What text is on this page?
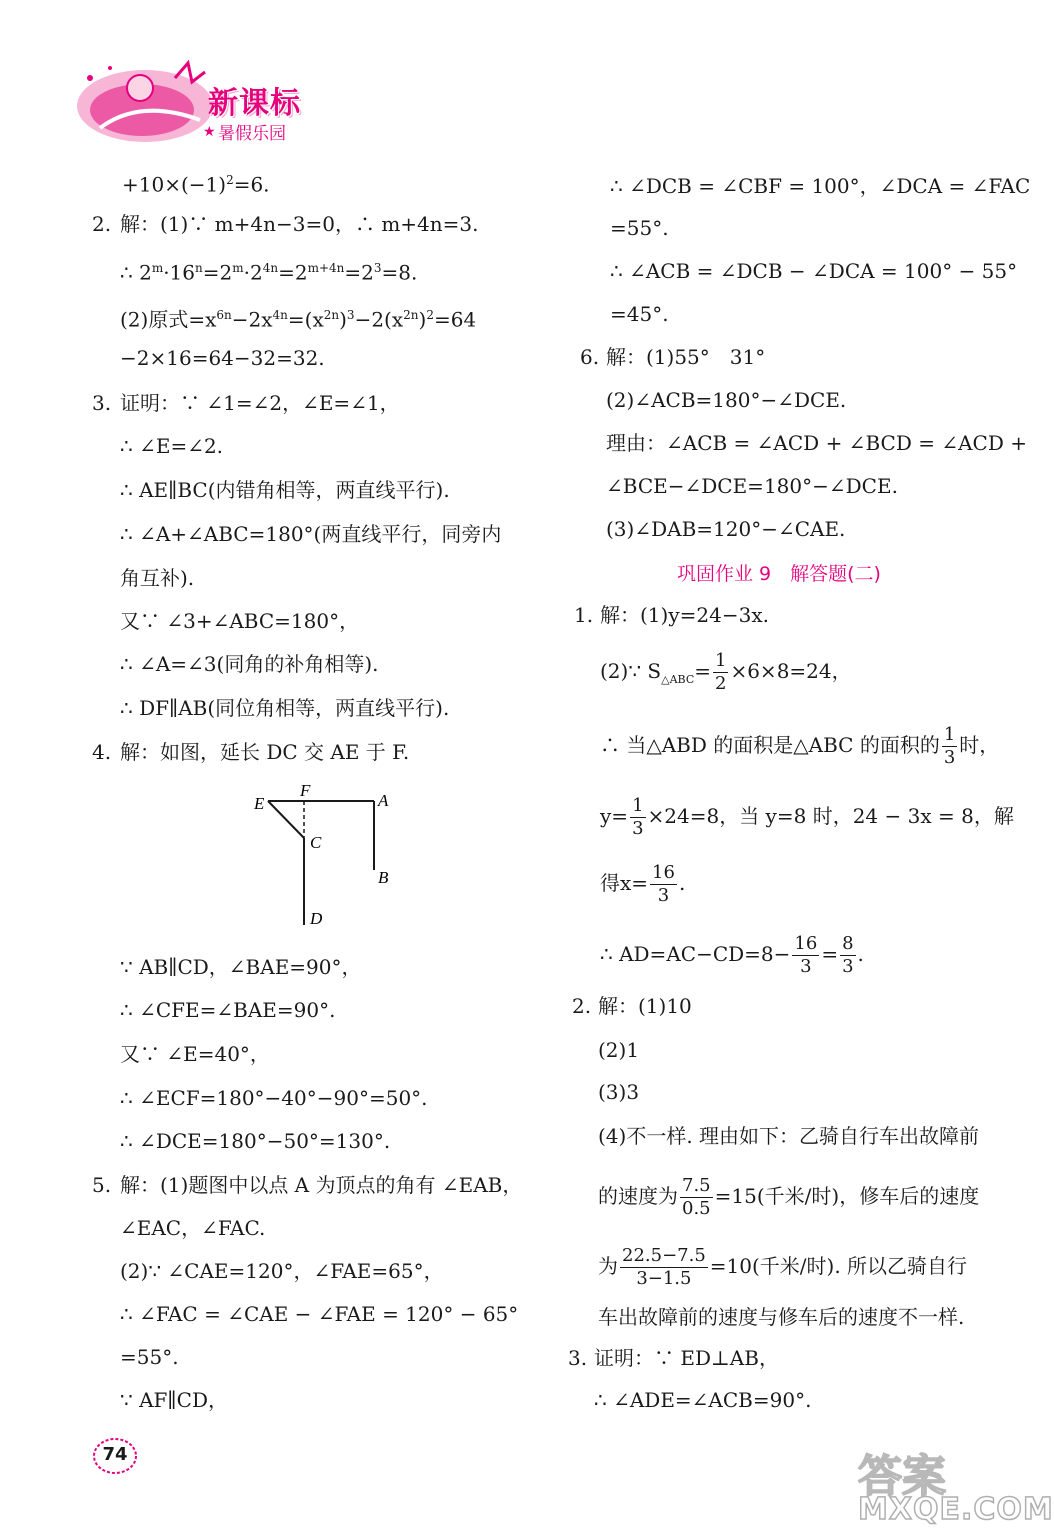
新课标
★ 暑假乐园
$+10\times(-1)^2=6$.
2. 解：(1)∵ m+4n−3=0，∴ m+4n=3.
∴ $2^m\cdot 16^n=2^m\cdot 2^{4n}=2^{m+4n}=2^3=8$.
(2)原式$=x^{6n}-2x^{4n}=(x^{2n})^3-2(x^{2n})^2=64$
−2×16=64−32=32.
3. 证明：∵ ∠1=∠2，∠E=∠1，
∴ ∠E=∠2.
∴ AE∥BC(内错角相等，两直线平行).
∴ ∠A+∠ABC=180°(两直线平行，同旁内
角互补).
又∵ ∠3+∠ABC=180°，
∴ ∠A=∠3(同角的补角相等).
∴ DF∥AB(同位角相等，两直线平行).
4. 解：如图，延长 DC 交 AE 于 F.
E
F
A
C
B
D
∵ AB∥CD，∠BAE=90°，
∴ ∠CFE=∠BAE=90°.
又∵ ∠E=40°，
∴ ∠ECF=180°−40°−90°=50°.
∴ ∠DCE=180°−50°=130°.
5. 解：(1)题图中以点 A 为顶点的角有 ∠EAB，
∠EAC，∠FAC.
(2)∵ ∠CAE=120°，∠FAE=65°，
∴ ∠FAC = ∠CAE − ∠FAE = 120° − 65°
=55°.
∵ AF∥CD，
∴ ∠DCB = ∠CBF = 100°，∠DCA = ∠FAC
=55°.
∴ ∠ACB = ∠DCB − ∠DCA = 100° − 55°
=45°.
6. 解：(1)55°　31°
(2)∠ACB=180°−∠DCE.
理由：∠ACB = ∠ACD + ∠BCD = ∠ACD +
∠BCE−∠DCE=180°−∠DCE.
(3)∠DAB=120°−∠CAE.
巩固作业 9　解答题(二)
1. 解：(1)y=24−3x.
(2)∵ $S_{\triangle ABC}= \frac{1}{2} \times 6\times 8=24$，
∴ 当△ABD 的面积是△ABC 的面积的 $\frac{1}{3}$ 时，
$y= \frac{1}{3} \times 24=8$，当 y=8 时，24 − 3x = 8，解
得$x= \frac{16}{3}$ .
∴ $AD=AC-CD=8- \frac{16}{3} = \frac{8}{3}$ .
2. 解：(1)10
(2)1
(3)3
(4)不一样. 理由如下：乙骑自行车出故障前
的速度为 $\frac{7.5}{0.5} =15$(千米/时)，修车后的速度
为 $\frac{22.5-7.5}{3-1.5} =10$(千米/时). 所以乙骑自行
车出故障前的速度与修车后的速度不一样.
3. 证明：∵ ED⊥AB，
∴ ∠ADE=∠ACB=90°.
74	答案
MXQE.COM
